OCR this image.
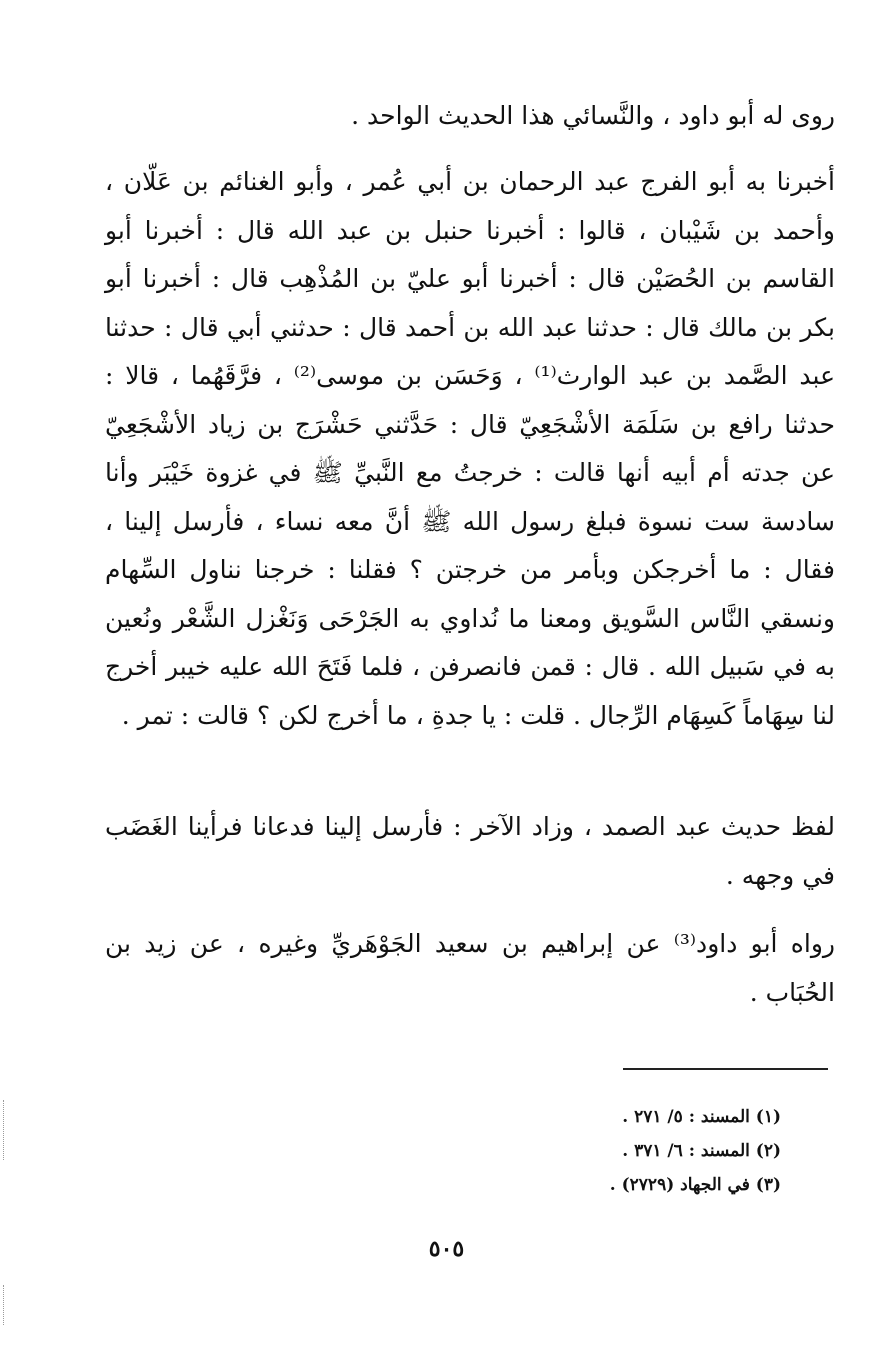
روى له أبو داود ، والنَّسائي هذا الحديث الواحد .

أخبرنا به أبو الفرج عبد الرحمان بن أبي عُمر ، وأبو الغنائم بن عَلّان ، وأحمد بن شَيْبان ، قالوا : أخبرنا حنبل بن عبد الله قال : أخبرنا أبو القاسم بن الحُصَيْن قال : أخبرنا أبو عليّ بن المُذْهِب قال : أخبرنا أبو بكر بن مالك قال : حدثنا عبد الله بن أحمد قال : حدثني أبي قال : حدثنا عبد الصَّمد بن عبد الوارث⁽¹⁾ ، وَحَسَن بن موسى⁽²⁾ ، فرَّقَهُما ، قالا : حدثنا رافع بن سَلَمَة الأشْجَعِيّ قال : حَدَّثني حَشْرَج بن زياد الأشْجَعِيّ عن جدته أم أبيه أنها قالت : خرجتُ مع النَّبيِّ ﷺ في غزوة خَيْبَر وأنا سادسة ست نسوة فبلغ رسول الله ﷺ أنَّ معه نساء ، فأرسل إلينا ، فقال : ما أخرجكن وبأمر من خرجتن ؟ فقلنا : خرجنا نناول السِّهام ونسقي النَّاس السَّويق ومعنا ما نُداوي به الجَرْحَى وَنَغْزل الشَّعْر ونُعين به في سَبيل الله . قال : قمن فانصرفن ، فلما فَتَحَ الله عليه خيبر أخرج لنا سِهَاماً كَسِهَام الرِّجال . قلت : يا جدةِ ، ما أخرج لكن ؟ قالت : تمر .

لفظ حديث عبد الصمد ، وزاد الآخر : فأرسل إلينا فدعانا فرأينا الغَضَب في وجهه .

رواه أبو داود⁽³⁾ عن إبراهيم بن سعيد الجَوْهَريِّ وغيره ، عن زيد بن الحُبَاب .

(١) المسند : ٥/ ٢٧١ .

(٢) المسند : ٦/ ٣٧١ .

(٣) في الجهاد (٢٧٢٩) .

٥٠٥
